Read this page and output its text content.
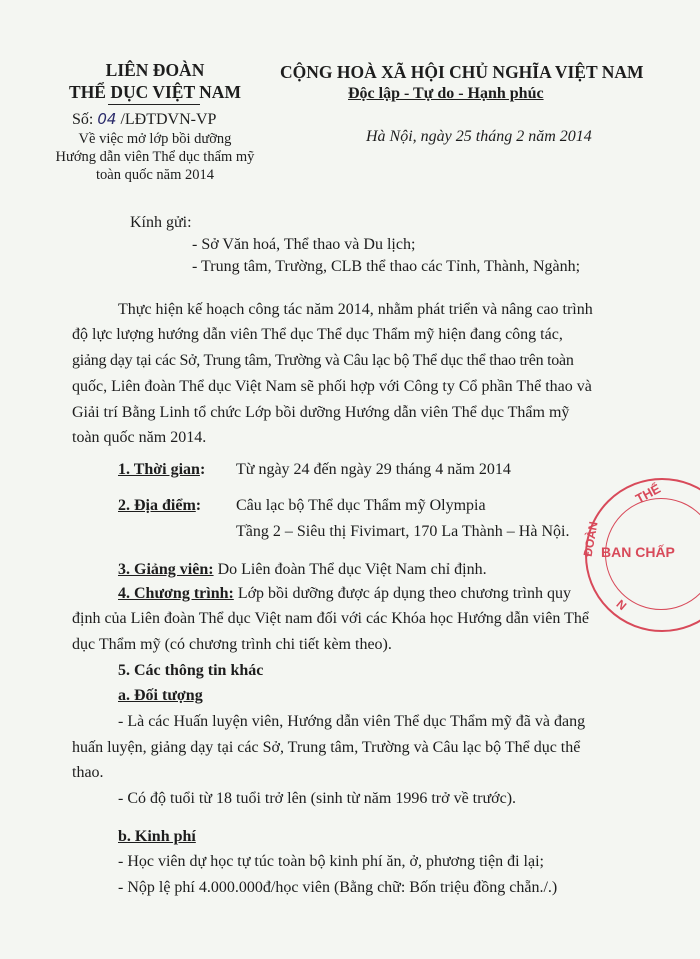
LIÊN ĐOÀN
THỂ DỤC VIỆT NAM
Số: 04 /LĐTDVN-VP
Về việc mở lớp bồi dưỡng
Hướng dẫn viên Thể dục thẩm mỹ
toàn quốc năm 2014
CỘNG HOÀ XÃ HỘI CHỦ NGHĨA VIỆT NAM
Độc lập - Tự do - Hạnh phúc
Hà Nội, ngày 25 tháng 2 năm 2014
Kính gửi:
- Sở Văn hoá, Thể thao và Du lịch;
- Trung tâm, Trường, CLB thể thao các Tỉnh, Thành, Ngành;
Thực hiện kế hoạch công tác năm 2014, nhằm phát triển và nâng cao trình
độ lực lượng hướng dẫn viên Thể dục Thể dục Thẩm mỹ hiện đang công tác,
giảng dạy tại các Sở, Trung tâm, Trường và Câu lạc bộ Thể dục thể thao trên toàn
quốc, Liên đoàn Thể dục Việt Nam sẽ phối hợp với Công ty Cổ phần Thể thao và
Giải trí Bằng Linh tổ chức Lớp bồi dưỡng Hướng dẫn viên Thể dục Thẩm mỹ
toàn quốc năm 2014.
1. Thời gian: Từ ngày 24 đến ngày 29 tháng 4 năm 2014
2. Địa điểm: Câu lạc bộ Thể dục Thẩm mỹ Olympia
Tầng 2 – Siêu thị Fivimart, 170 La Thành – Hà Nội.
3. Giảng viên: Do Liên đoàn Thể dục Việt Nam chỉ định.
4. Chương trình: Lớp bồi dưỡng được áp dụng theo chương trình quy
định của Liên đoàn Thể dục Việt nam đối với các Khóa học Hướng dẫn viên Thể
dục Thẩm mỹ (có chương trình chi tiết kèm theo).
5. Các thông tin khác
a. Đối tượng
- Là các Huấn luyện viên, Hướng dẫn viên Thể dục Thẩm mỹ đã và đang
huấn luyện, giảng dạy tại các Sở, Trung tâm, Trường và Câu lạc bộ Thể dục thể
thao.
- Có độ tuổi từ 18 tuổi trở lên (sinh từ năm 1996 trở về trước).
b. Kinh phí
- Học viên dự học tự túc toàn bộ kinh phí ăn, ở, phương tiện đi lại;
- Nộp lệ phí 4.000.000đ/học viên (Bằng chữ: Bốn triệu đồng chẵn./.)
THỂ
ĐOÀN BAN CHẤP
N
